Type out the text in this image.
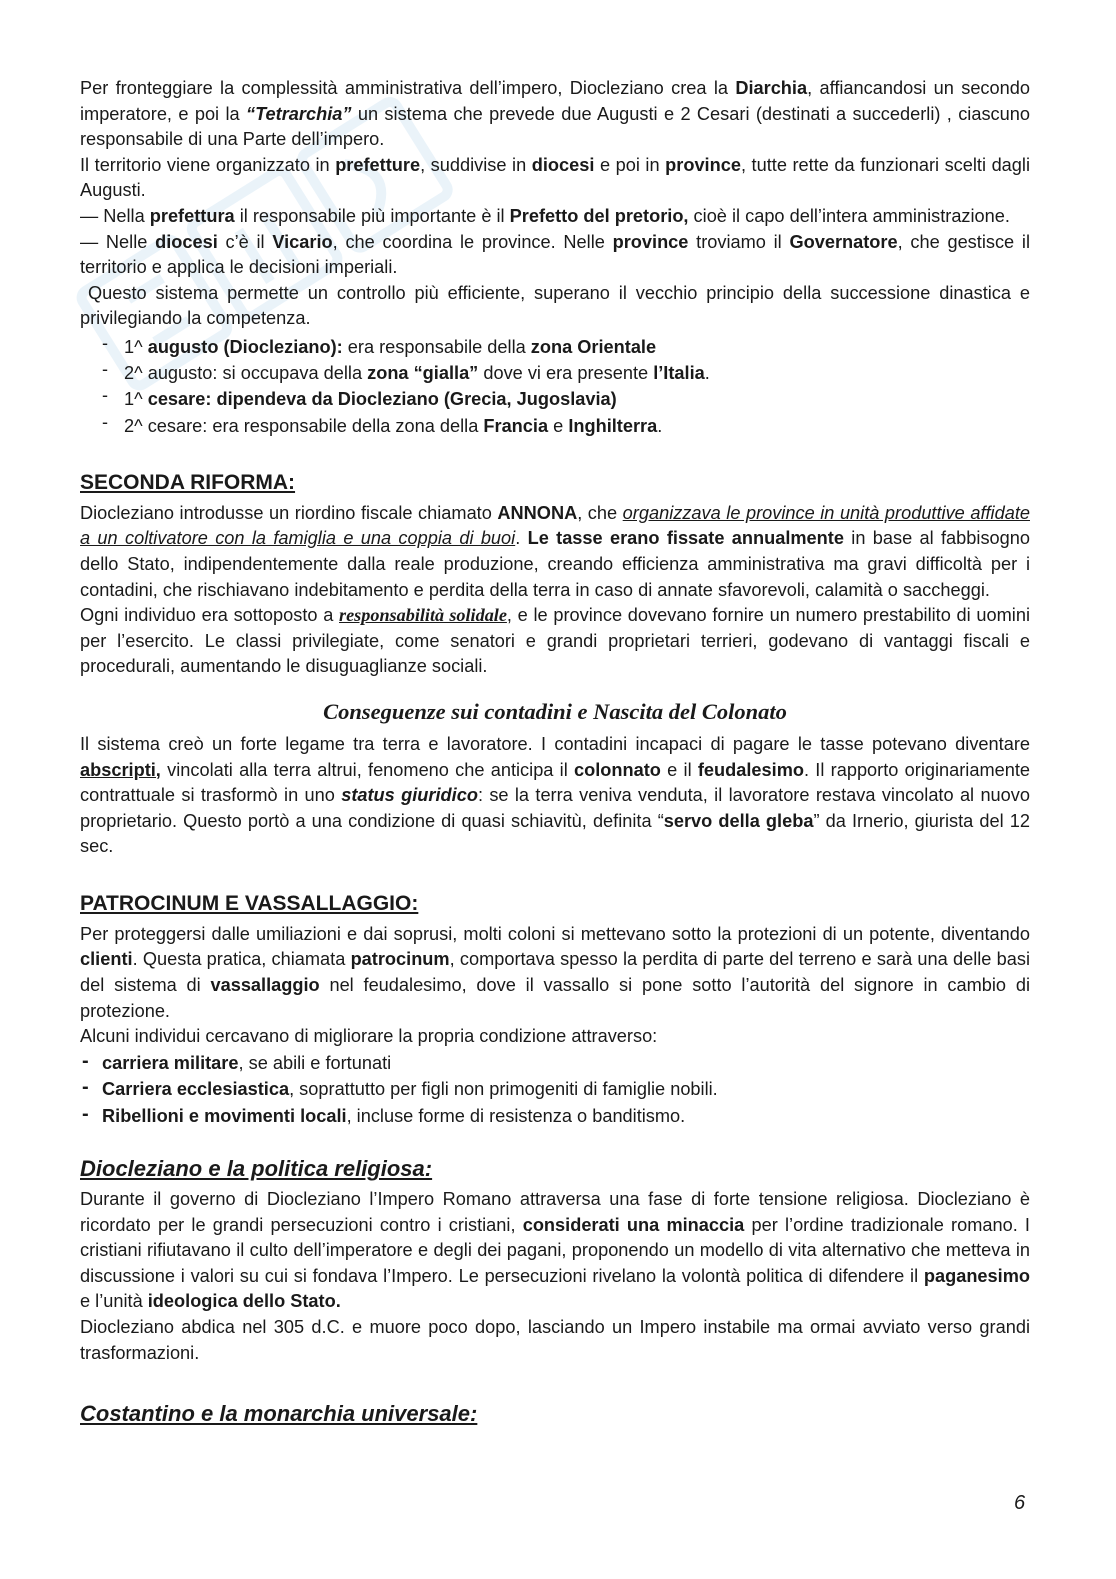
Per fronteggiare la complessità amministrativa dell’impero, Diocleziano crea la Diarchia, affiancandosi un secondo imperatore, e poi la “Tetrarchia” un sistema che prevede due Augusti e 2 Cesari (destinati a succederli) , ciascuno responsabile di una Parte dell’impero.

Il territorio viene organizzato in prefetture, suddivise in diocesi e poi in province, tutte rette da funzionari scelti dagli Augusti.

— Nella prefettura il responsabile più importante è il Prefetto del pretorio, cioè il capo dell’intera amministrazione.

— Nelle diocesi c’è il Vicario, che coordina le province. Nelle province troviamo il Governatore, che gestisce il territorio e applica le decisioni imperiali.

Questo sistema permette un controllo più efficiente, superano il vecchio principio della successione dinastica e privilegiando la competenza.

- 1^ augusto (Diocleziano): era responsabile della zona Orientale
- 2^ augusto: si occupava della zona “gialla” dove vi era presente l’Italia.
- 1^ cesare: dipendeva da Diocleziano (Grecia, Jugoslavia)
- 2^ cesare: era responsabile della zona della Francia e Inghilterra.
SECONDA RIFORMA:

Diocleziano introdusse un riordino fiscale chiamato ANNONA, che organizzava le province in unità produttive affidate a un coltivatore con la famiglia e una coppia di buoi. Le tasse erano fissate annualmente in base al fabbisogno dello Stato, indipendentemente dalla reale produzione, creando efficienza amministrativa ma gravi difficoltà per i contadini, che rischiavano indebitamento e perdita della terra in caso di annate sfavorevoli, calamità o saccheggi.

Ogni individuo era sottoposto a responsabilità solidale, e le province dovevano fornire un numero prestabilito di uomini per l’esercito. Le classi privilegiate, come senatori e grandi proprietari terrieri, godevano di vantaggi fiscali e procedurali, aumentando le disuguaglianze sociali.

Conseguenze sui contadini e Nascita del Colonato

Il sistema creò un forte legame tra terra e lavoratore. I contadini incapaci di pagare le tasse potevano diventare abscripti, vincolati alla terra altrui, fenomeno che anticipa il colonnato e il feudalesimo. Il rapporto originariamente contrattuale si trasformò in uno status giuridico: se la terra veniva venduta, il lavoratore restava vincolato al nuovo proprietario. Questo portò a una condizione di quasi schiavitù, definita “servo della gleba” da Irnerio, giurista del 12 sec.

PATROCINUM E VASSALLAGGIO:

Per proteggersi dalle umiliazioni e dai soprusi, molti coloni si mettevano sotto la protezioni di un potente, diventando clienti. Questa pratica, chiamata patrocinum, comportava spesso la perdita di parte del terreno e sarà una delle basi del sistema di vassallaggio nel feudalesimo, dove il vassallo si pone sotto l’autorità del signore in cambio di protezione.

Alcuni individui cercavano di migliorare la propria condizione attraverso:

- carriera militare, se abili e fortunati
- Carriera ecclesiastica, soprattutto per figli non primogeniti di famiglie nobili.
- Ribellioni e movimenti locali, incluse forme di resistenza o banditismo.
Diocleziano e la politica religiosa:

Durante il governo di Diocleziano l’Impero Romano attraversa una fase di forte tensione religiosa. Diocleziano è ricordato per le grandi persecuzioni contro i cristiani, considerati una minaccia per l’ordine tradizionale romano. I cristiani rifiutavano il culto dell’imperatore e degli dei pagani, proponendo un modello di vita alternativo che metteva in discussione i valori su cui si fondava l’Impero. Le persecuzioni rivelano la volontà politica di difendere il paganesimo e l’unità ideologica dello Stato.

Diocleziano abdica nel 305 d.C. e muore poco dopo, lasciando un Impero instabile ma ormai avviato verso grandi trasformazioni.

Costantino e la monarchia universale:
6
